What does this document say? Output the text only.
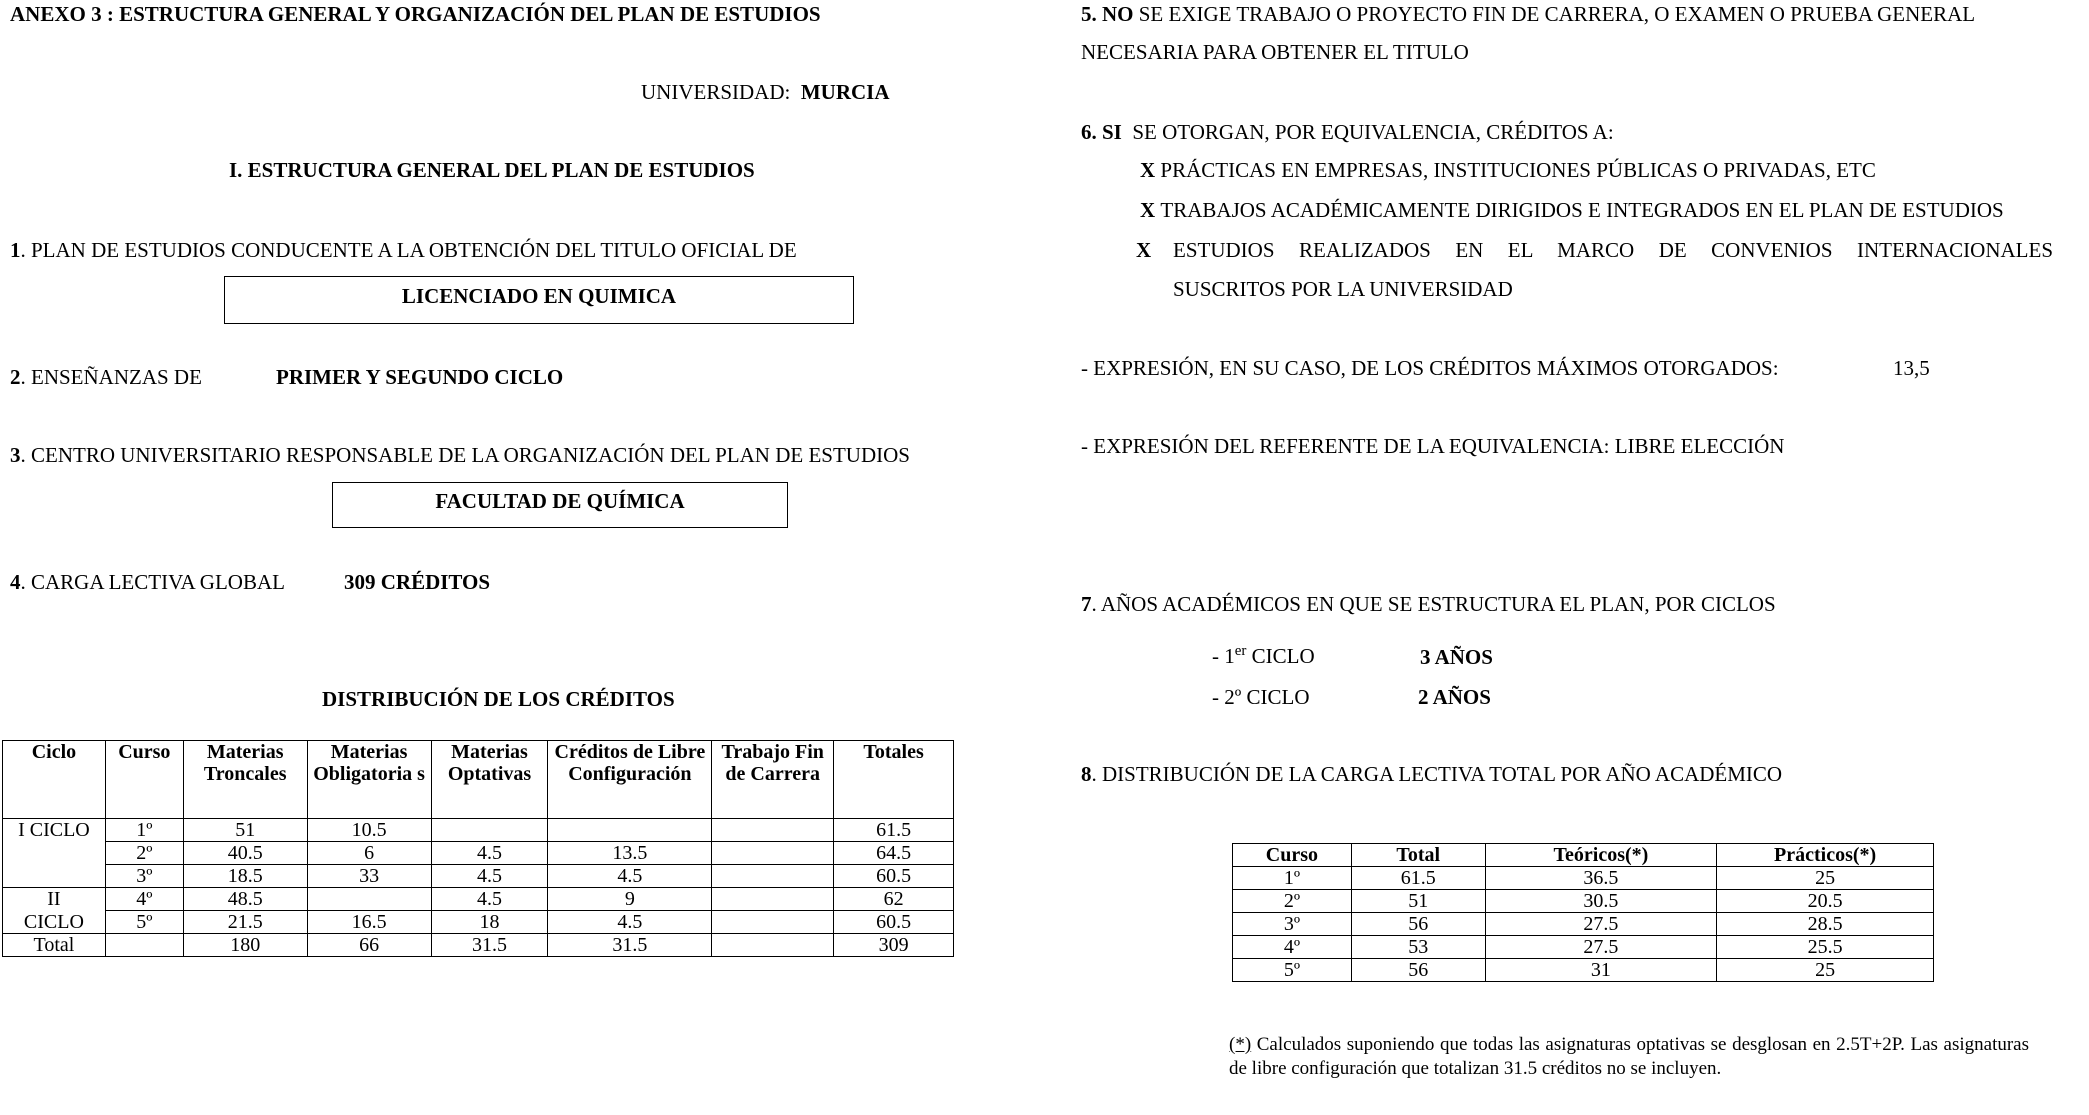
ANEXO 3 : ESTRUCTURA GENERAL Y ORGANIZACIÓN DEL PLAN DE ESTUDIOS
UNIVERSIDAD: MURCIA
I. ESTRUCTURA GENERAL DEL PLAN DE ESTUDIOS
1. PLAN DE ESTUDIOS CONDUCENTE A LA OBTENCIÓN DEL TITULO OFICIAL DE
LICENCIADO EN QUIMICA
2. ENSEÑANZAS DE	PRIMER Y SEGUNDO CICLO
3. CENTRO UNIVERSITARIO RESPONSABLE DE LA ORGANIZACIÓN DEL PLAN DE ESTUDIOS
FACULTAD DE QUÍMICA
4. CARGA LECTIVA GLOBAL	309 CRÉDITOS
DISTRIBUCIÓN DE LOS CRÉDITOS
Ciclo	Curso	Materias Troncales	Materias Obligatoria s	Materias Optativas	Créditos de Libre Configuración	Trabajo Fin de Carrera	Totales
I CICLO	1º	51	10.5				61.5
	2º	40.5	6	4.5	13.5		64.5
	3º	18.5	33	4.5	4.5		60.5
II	4º	48.5		4.5	9		62
CICLO	5º	21.5	16.5	18	4.5		60.5
Total		180	66	31.5	31.5		309
5. NO SE EXIGE TRABAJO O PROYECTO FIN DE CARRERA, O EXAMEN O PRUEBA GENERAL
NECESARIA PARA OBTENER EL TITULO
6. SI SE OTORGAN, POR EQUIVALENCIA, CRÉDITOS A:
X PRÁCTICAS EN EMPRESAS, INSTITUCIONES PÚBLICAS O PRIVADAS, ETC
X TRABAJOS ACADÉMICAMENTE DIRIGIDOS E INTEGRADOS EN EL PLAN DE ESTUDIOS
X ESTUDIOS REALIZADOS EN EL MARCO DE CONVENIOS INTERNACIONALES
SUSCRITOS POR LA UNIVERSIDAD
- EXPRESIÓN, EN SU CASO, DE LOS CRÉDITOS MÁXIMOS OTORGADOS:	13,5
- EXPRESIÓN DEL REFERENTE DE LA EQUIVALENCIA: LIBRE ELECCIÓN
7. AÑOS ACADÉMICOS EN QUE SE ESTRUCTURA EL PLAN, POR CICLOS
- 1er CICLO	3 AÑOS
- 2º CICLO	2 AÑOS
8. DISTRIBUCIÓN DE LA CARGA LECTIVA TOTAL POR AÑO ACADÉMICO
Curso	Total	Teóricos(*)	Prácticos(*)
1º	61.5	36.5	25
2º	51	30.5	20.5
3º	56	27.5	28.5
4º	53	27.5	25.5
5º	56	31	25
(*) Calculados suponiendo que todas las asignaturas optativas se desglosan en 2.5T+2P. Las asignaturas de libre configuración que totalizan 31.5 créditos no se incluyen.
